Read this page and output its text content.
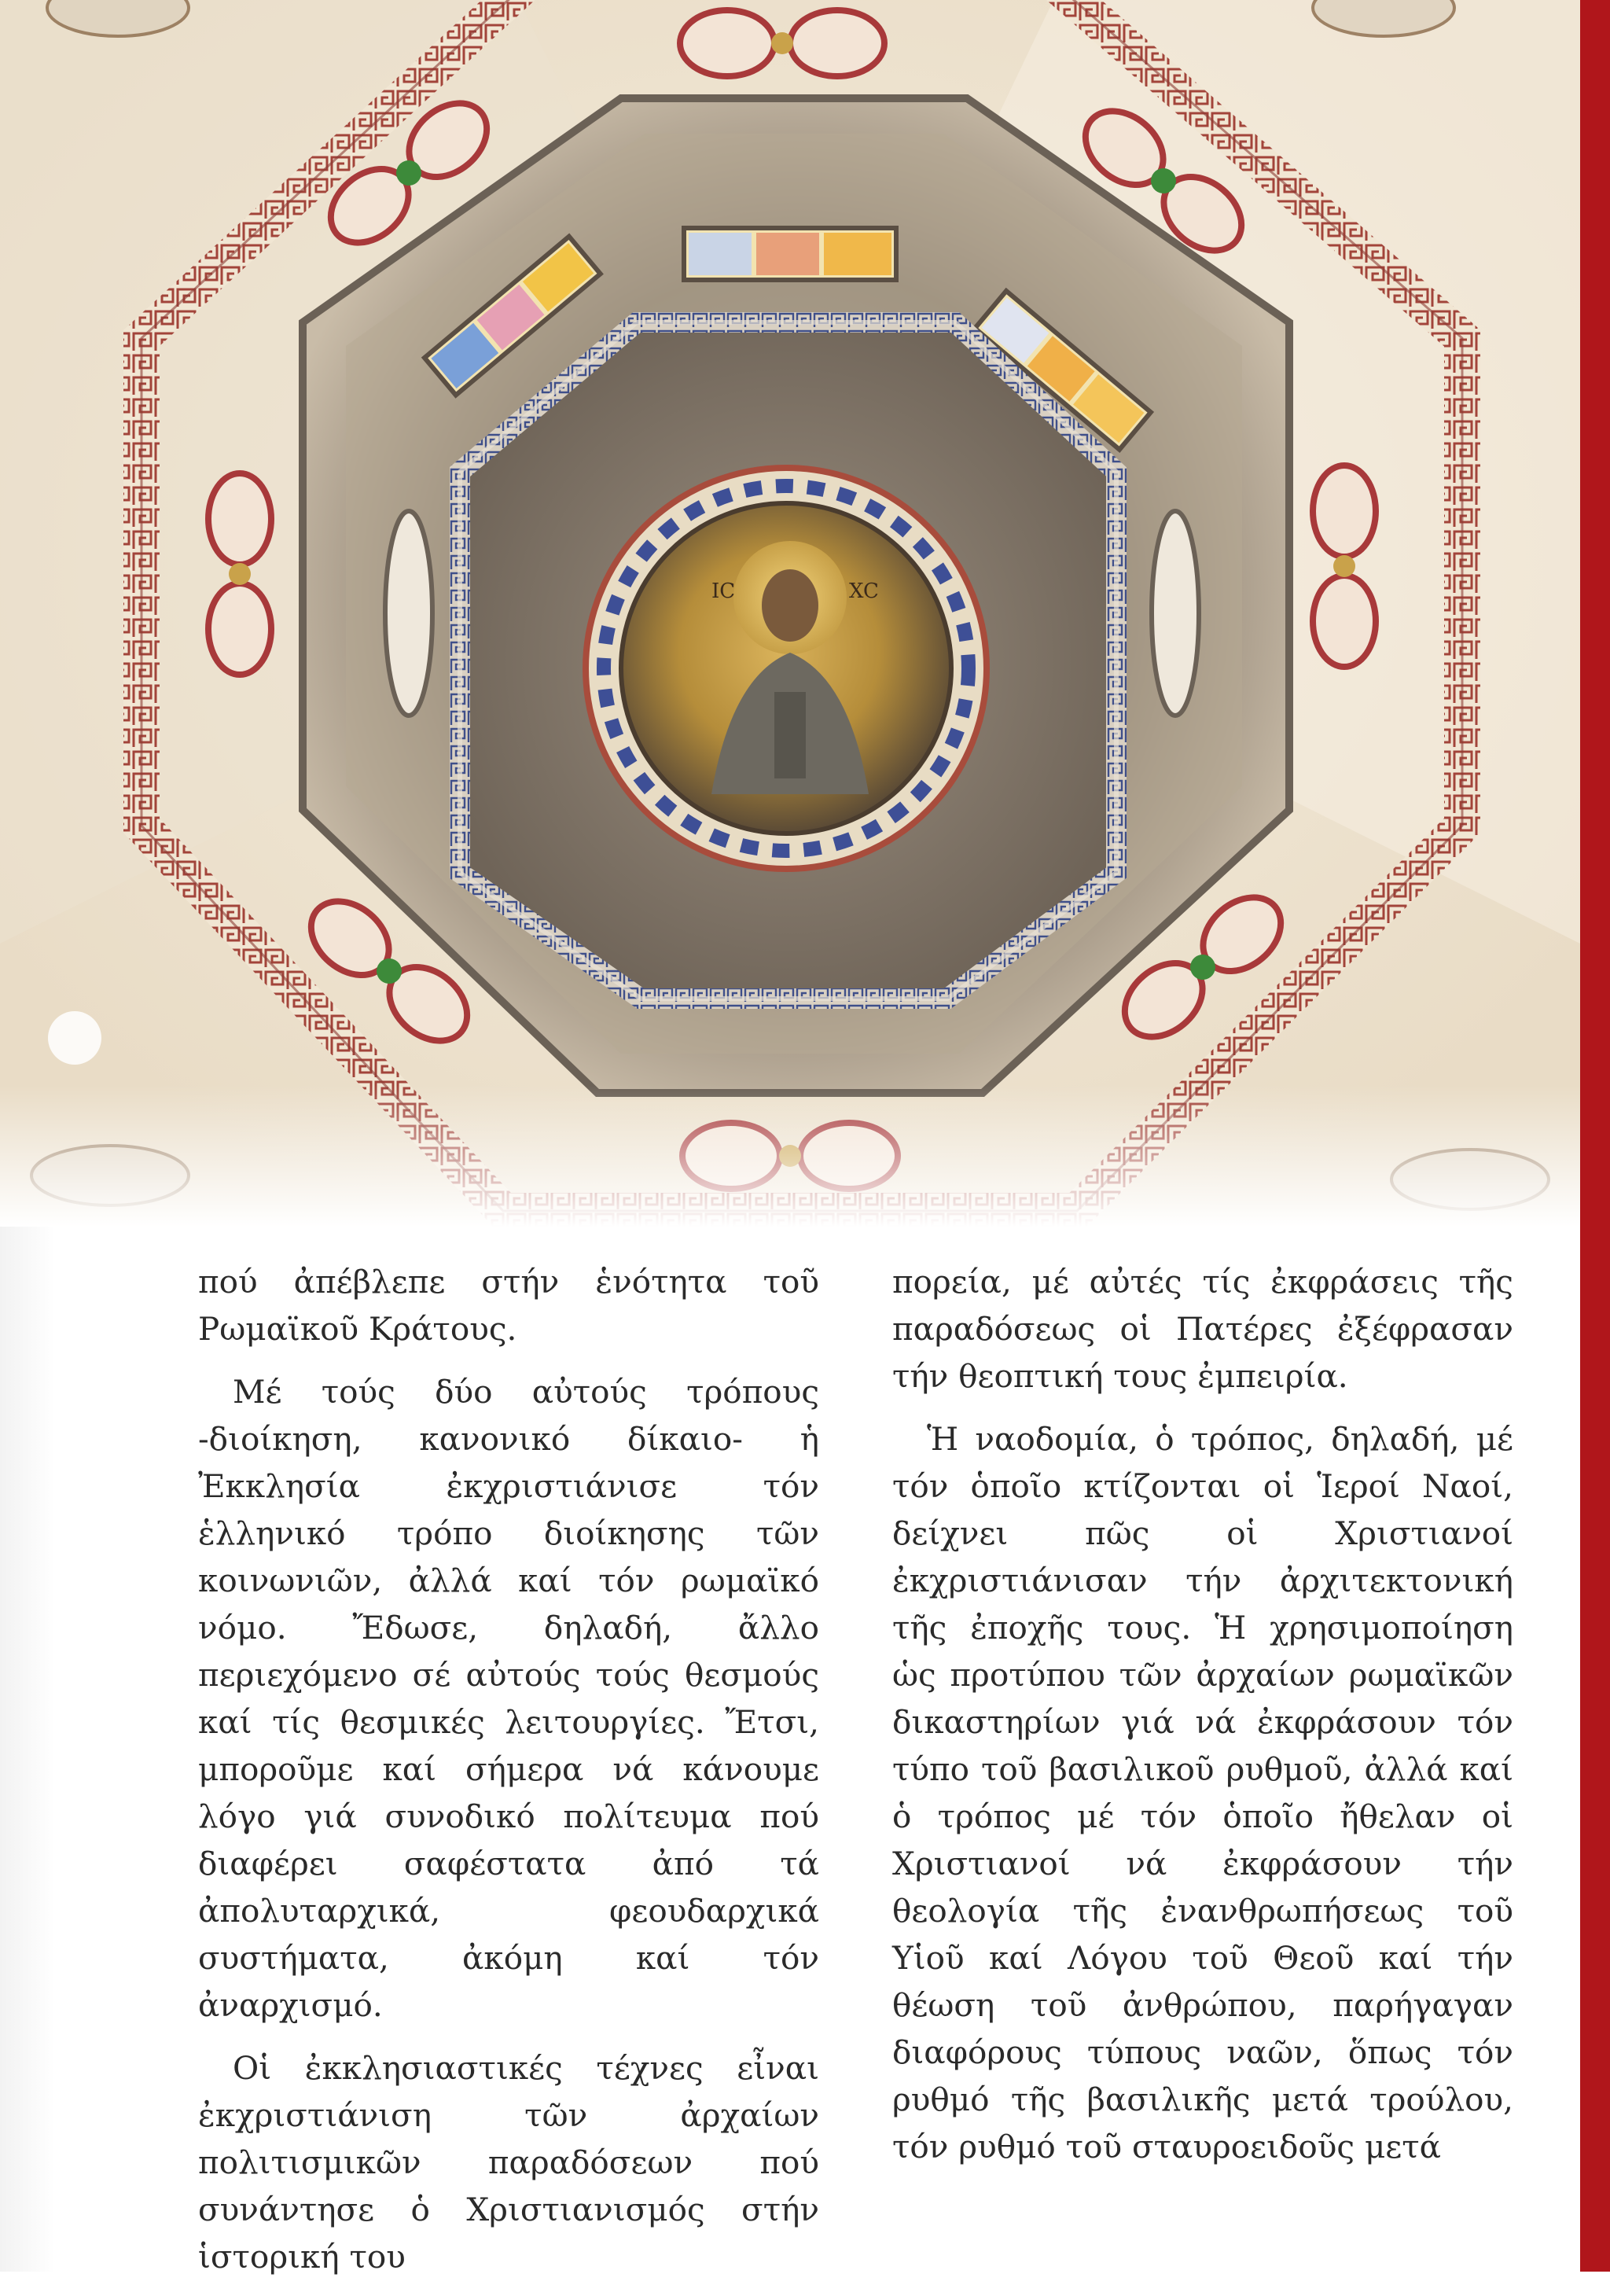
IC	XC

πού ἀπέβλεπε στήν ἑνότητα τοῦ Ρωμαϊκοῦ Κράτους.

Μέ τούς δύο αὐτούς τρόπους -διοίκηση, κανονικό δίκαιο- ἡ Ἐκκλησία ἐκχριστιάνισε τόν ἑλληνικό τρόπο διοίκησης τῶν κοινωνιῶν, ἀλλά καί τόν ρωμαϊκό νόμο. Ἔδωσε, δηλαδή, ἄλλο περιεχόμενο σέ αὐτούς τούς θεσμούς καί τίς θεσμικές λειτουργίες. Ἔτσι, μποροῦμε καί σήμερα νά κάνουμε λόγο γιά συνοδικό πολίτευμα πού διαφέρει σαφέστατα ἀπό τά ἀπολυταρχικά, φεουδαρχικά συστήματα, ἀκόμη καί τόν ἀναρχισμό.

Οἱ ἐκκλησιαστικές τέχνες εἶναι ἐκχριστιάνιση τῶν ἀρχαίων πολιτισμικῶν παραδόσεων πού συνάντησε ὁ Χριστιανισμός στήν ἱστορική του

πορεία, μέ αὐτές τίς ἐκφράσεις τῆς παραδόσεως οἱ Πατέρες ἐξέφρασαν τήν θεοπτική τους ἐμπειρία.

Ἡ ναοδομία, ὁ τρόπος, δηλαδή, μέ τόν ὁποῖο κτίζονται οἱ Ἱεροί Ναοί, δείχνει πῶς οἱ Χριστιανοί ἐκχριστιάνισαν τήν ἀρχιτεκτονική τῆς ἐποχῆς τους. Ἡ χρησιμοποίηση ὡς προτύπου τῶν ἀρχαίων ρωμαϊκῶν δικαστηρίων γιά νά ἐκφράσουν τόν τύπο τοῦ βασιλικοῦ ρυθμοῦ, ἀλλά καί ὁ τρόπος μέ τόν ὁποῖο ἤθελαν οἱ Χριστιανοί νά ἐκφράσουν τήν θεολογία τῆς ἐνανθρωπήσεως τοῦ Υἱοῦ καί Λόγου τοῦ Θεοῦ καί τήν θέωση τοῦ ἀνθρώπου, παρήγαγαν διαφόρους τύπους ναῶν, ὅπως τόν ρυθμό τῆς βασιλικῆς μετά τρούλου, τόν ρυθμό τοῦ σταυροειδοῦς μετά
